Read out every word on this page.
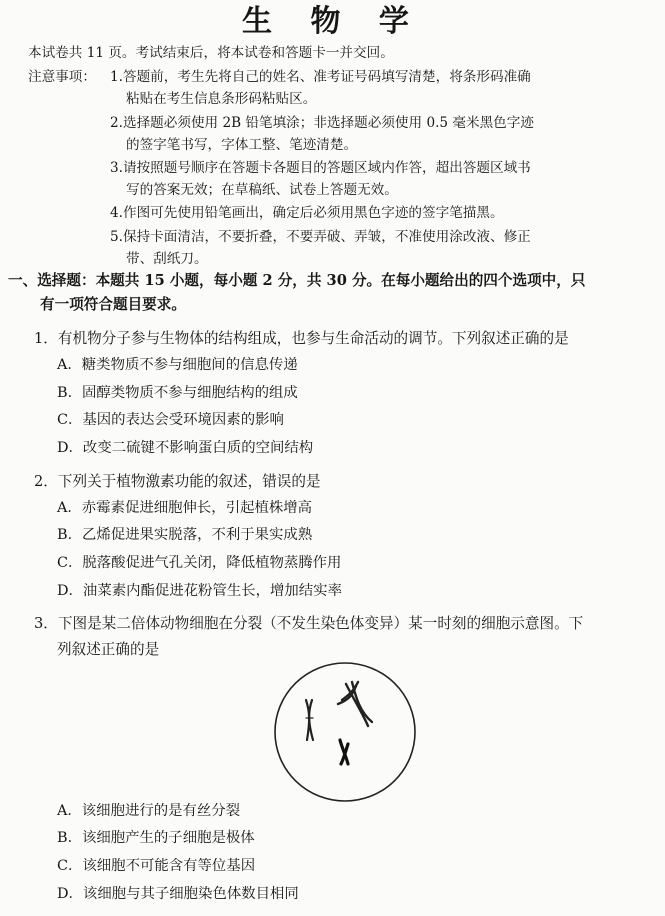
生 物 学
本试卷共 11 页。考试结束后，将本试卷和答题卡一并交回。
注意事项： 1.答题前，考生先将自己的姓名、准考证号码填写清楚，将条形码准确
粘贴在考生信息条形码粘贴区。
2.选择题必须使用 2B 铅笔填涂；非选择题必须使用 0.5 毫米黑色字迹
的签字笔书写，字体工整、笔迹清楚。
3.请按照题号顺序在答题卡各题目的答题区域内作答，超出答题区域书
写的答案无效；在草稿纸、试卷上答题无效。
4.作图可先使用铅笔画出，确定后必须用黑色字迹的签字笔描黑。
5.保持卡面清洁，不要折叠，不要弄破、弄皱，不准使用涂改液、修正
带、刮纸刀。
一、选择题：本题共 15 小题，每小题 2 分，共 30 分。在每小题给出的四个选项中，只
有一项符合题目要求。
1．有机物分子参与生物体的结构组成，也参与生命活动的调节。下列叙述正确的是
A．糖类物质不参与细胞间的信息传递
B．固醇类物质不参与细胞结构的组成
C．基因的表达会受环境因素的影响
D．改变二硫键不影响蛋白质的空间结构
2．下列关于植物激素功能的叙述，错误的是
A．赤霉素促进细胞伸长，引起植株增高
B．乙烯促进果实脱落，不利于果实成熟
C．脱落酸促进气孔关闭，降低植物蒸腾作用
D．油菜素内酯促进花粉管生长，增加结实率
3．下图是某二倍体动物细胞在分裂（不发生染色体变异）某一时刻的细胞示意图。下
列叙述正确的是
A．该细胞进行的是有丝分裂
B．该细胞产生的子细胞是极体
C．该细胞不可能含有等位基因
D．该细胞与其子细胞染色体数目相同
